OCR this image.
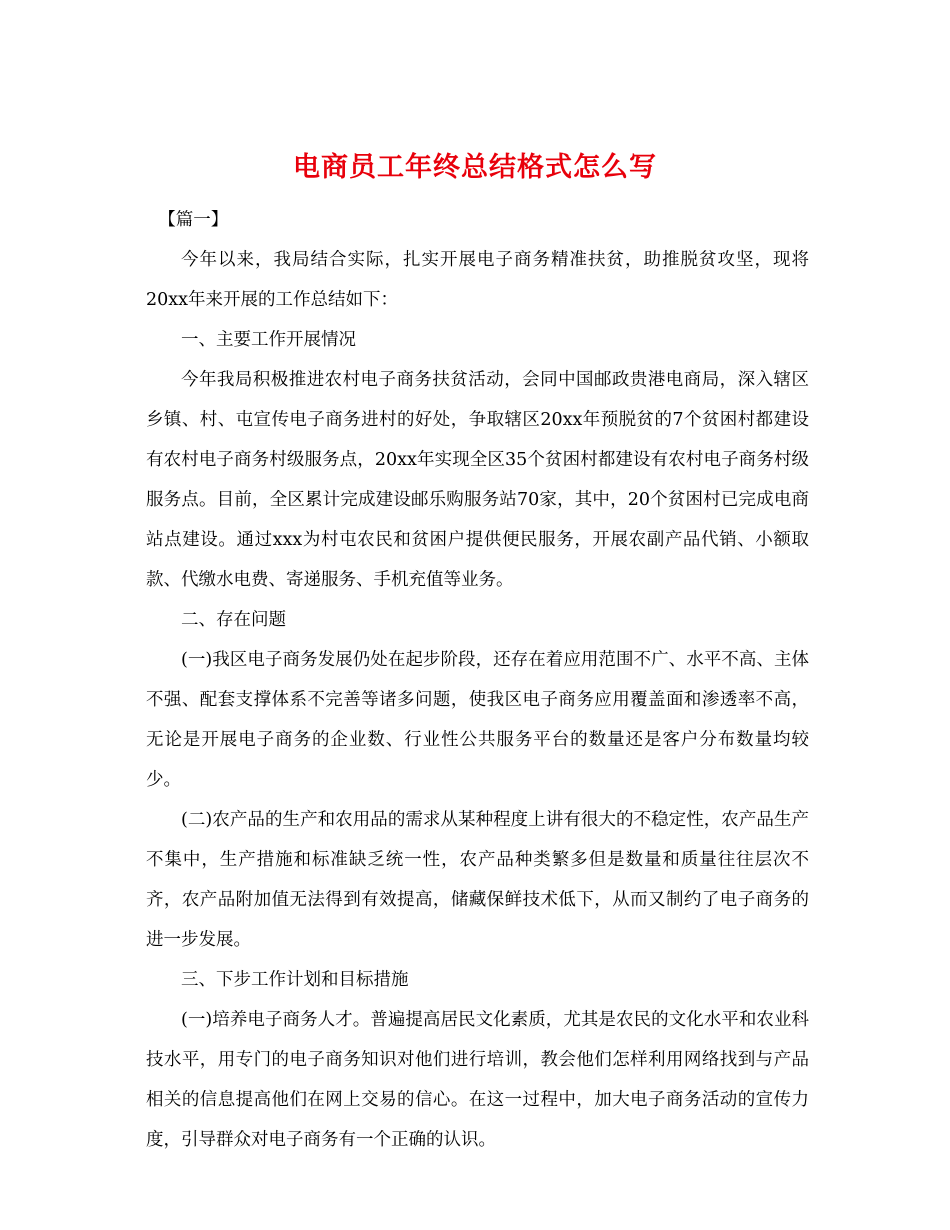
电商员工年终总结格式怎么写

【篇一】

今年以来，我局结合实际，扎实开展电子商务精准扶贫，助推脱贫攻坚，现将20xx年来开展的工作总结如下：

一、主要工作开展情况

今年我局积极推进农村电子商务扶贫活动，会同中国邮政贵港电商局，深入辖区乡镇、村、屯宣传电子商务进村的好处，争取辖区20xx年预脱贫的7个贫困村都建设有农村电子商务村级服务点，20xx年实现全区35个贫困村都建设有农村电子商务村级服务点。目前，全区累计完成建设邮乐购服务站70家，其中，20个贫困村已完成电商站点建设。通过xxx为村屯农民和贫困户提供便民服务，开展农副产品代销、小额取款、代缴水电费、寄递服务、手机充值等业务。

二、存在问题

(一)我区电子商务发展仍处在起步阶段，还存在着应用范围不广、水平不高、主体不强、配套支撑体系不完善等诸多问题，使我区电子商务应用覆盖面和渗透率不高，无论是开展电子商务的企业数、行业性公共服务平台的数量还是客户分布数量均较少。

(二)农产品的生产和农用品的需求从某种程度上讲有很大的不稳定性，农产品生产不集中，生产措施和标准缺乏统一性，农产品种类繁多但是数量和质量往往层次不齐，农产品附加值无法得到有效提高，储藏保鲜技术低下，从而又制约了电子商务的进一步发展。

三、下步工作计划和目标措施

(一)培养电子商务人才。普遍提高居民文化素质，尤其是农民的文化水平和农业科技水平，用专门的电子商务知识对他们进行培训，教会他们怎样利用网络找到与产品相关的信息提高他们在网上交易的信心。在这一过程中，加大电子商务活动的宣传力度，引导群众对电子商务有一个正确的认识。
